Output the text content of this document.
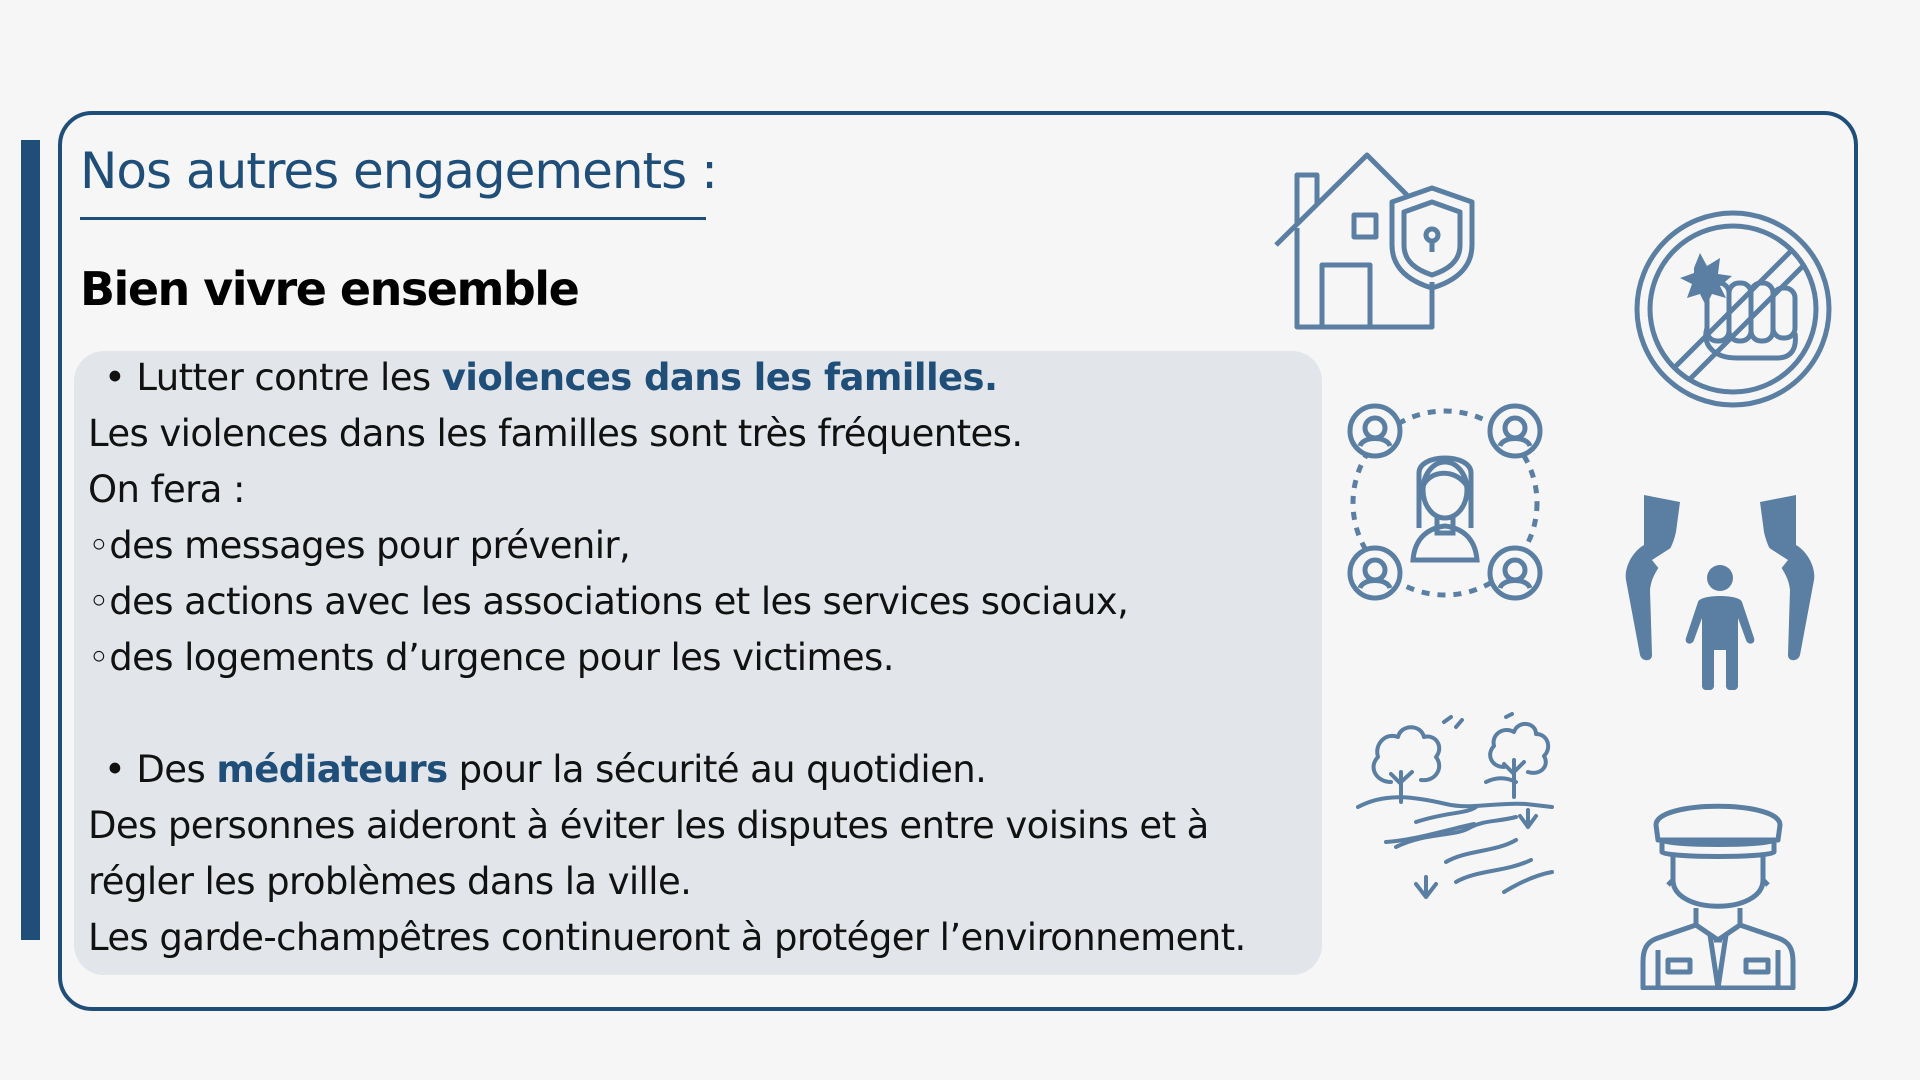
Nos autres engagements :
Bien vivre ensemble
• Lutter contre les violences dans les familles.
Les violences dans les familles sont très fréquentes.
On fera :
◦des messages pour prévenir,
◦des actions avec les associations et les services sociaux,
◦des logements d’urgence pour les victimes.
• Des médiateurs pour la sécurité au quotidien.
Des personnes aideront à éviter les disputes entre voisins et à
régler les problèmes dans la ville.
Les garde-champêtres continueront à protéger l’environnement.
